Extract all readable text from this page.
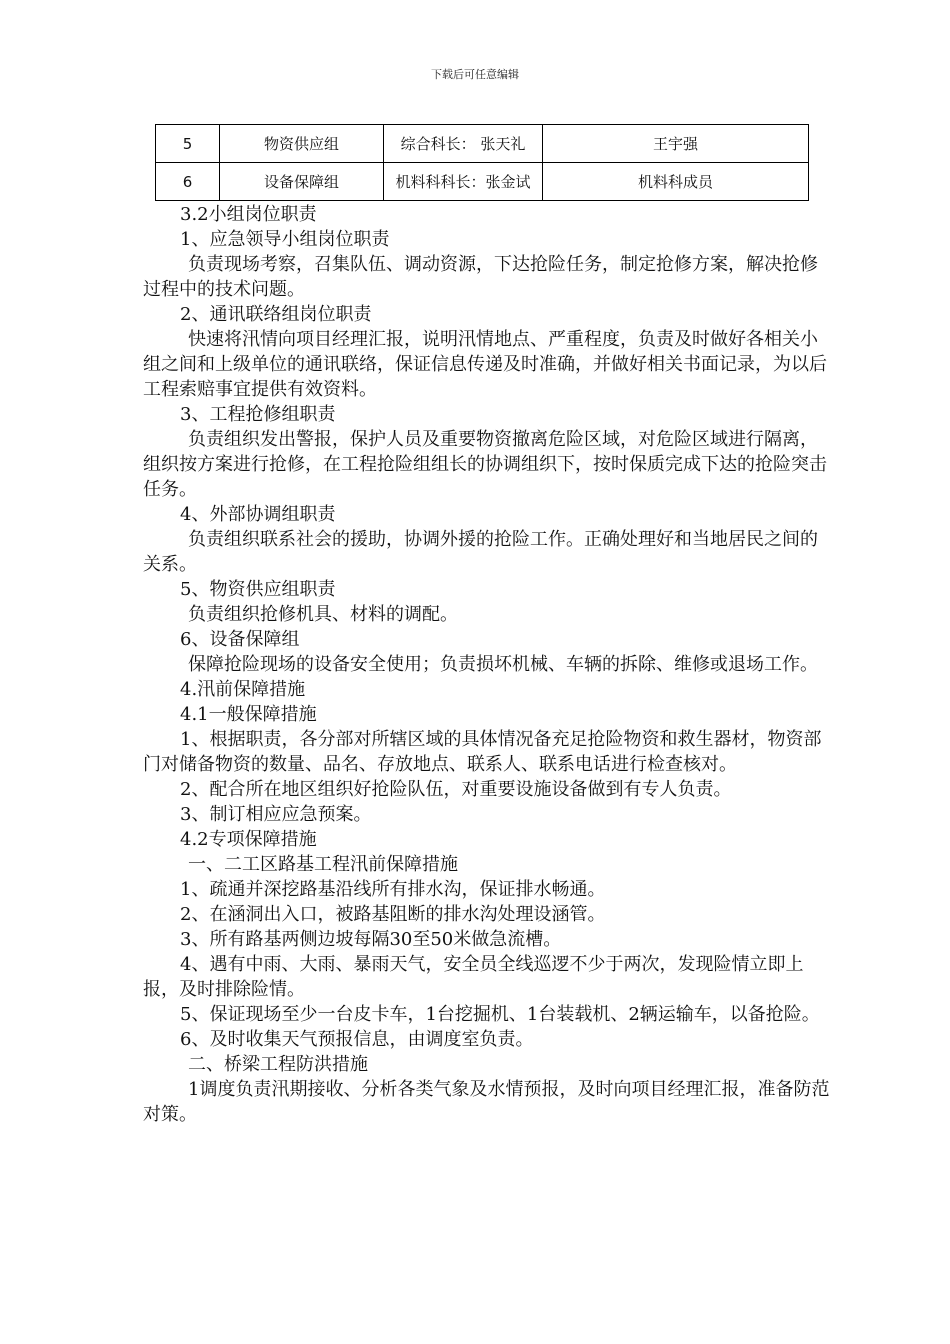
下载后可任意编辑
5	物资供应组	综合科长： 张天礼	王宇强
6	设备保障组	机料科科长：张金试	机料科成员

3.2小组岗位职责

1、应急领导小组岗位职责

负责现场考察，召集队伍、调动资源，下达抢险任务，制定抢修方案，解决抢修过程中的技术问题。

2、通讯联络组岗位职责

快速将汛情向项目经理汇报，说明汛情地点、严重程度，负责及时做好各相关小组之间和上级单位的通讯联络，保证信息传递及时准确，并做好相关书面记录，为以后工程索赔事宜提供有效资料。

3、工程抢修组职责

负责组织发出警报，保护人员及重要物资撤离危险区域，对危险区域进行隔离，组织按方案进行抢修，在工程抢险组组长的协调组织下，按时保质完成下达的抢险突击任务。

4、外部协调组职责

负责组织联系社会的援助，协调外援的抢险工作。正确处理好和当地居民之间的关系。

5、物资供应组职责

负责组织抢修机具、材料的调配。

6、设备保障组

保障抢险现场的设备安全使用；负责损坏机械、车辆的拆除、维修或退场工作。

4.汛前保障措施

4.1一般保障措施

1、根据职责，各分部对所辖区域的具体情况备充足抢险物资和救生器材，物资部门对储备物资的数量、品名、存放地点、联系人、联系电话进行检查核对。

2、配合所在地区组织好抢险队伍，对重要设施设备做到有专人负责。

3、制订相应应急预案。

4.2专项保障措施

一、二工区路基工程汛前保障措施

1、疏通并深挖路基沿线所有排水沟，保证排水畅通。

2、在涵洞出入口，被路基阻断的排水沟处理设涵管。

3、所有路基两侧边坡每隔30至50米做急流槽。

4、遇有中雨、大雨、暴雨天气，安全员全线巡逻不少于两次，发现险情立即上报，及时排除险情。

5、保证现场至少一台皮卡车，1台挖掘机、1台装载机、2辆运输车，以备抢险。

6、及时收集天气预报信息，由调度室负责。

二、桥梁工程防洪措施

1调度负责汛期接收、分析各类气象及水情预报，及时向项目经理汇报，准备防范对策。
